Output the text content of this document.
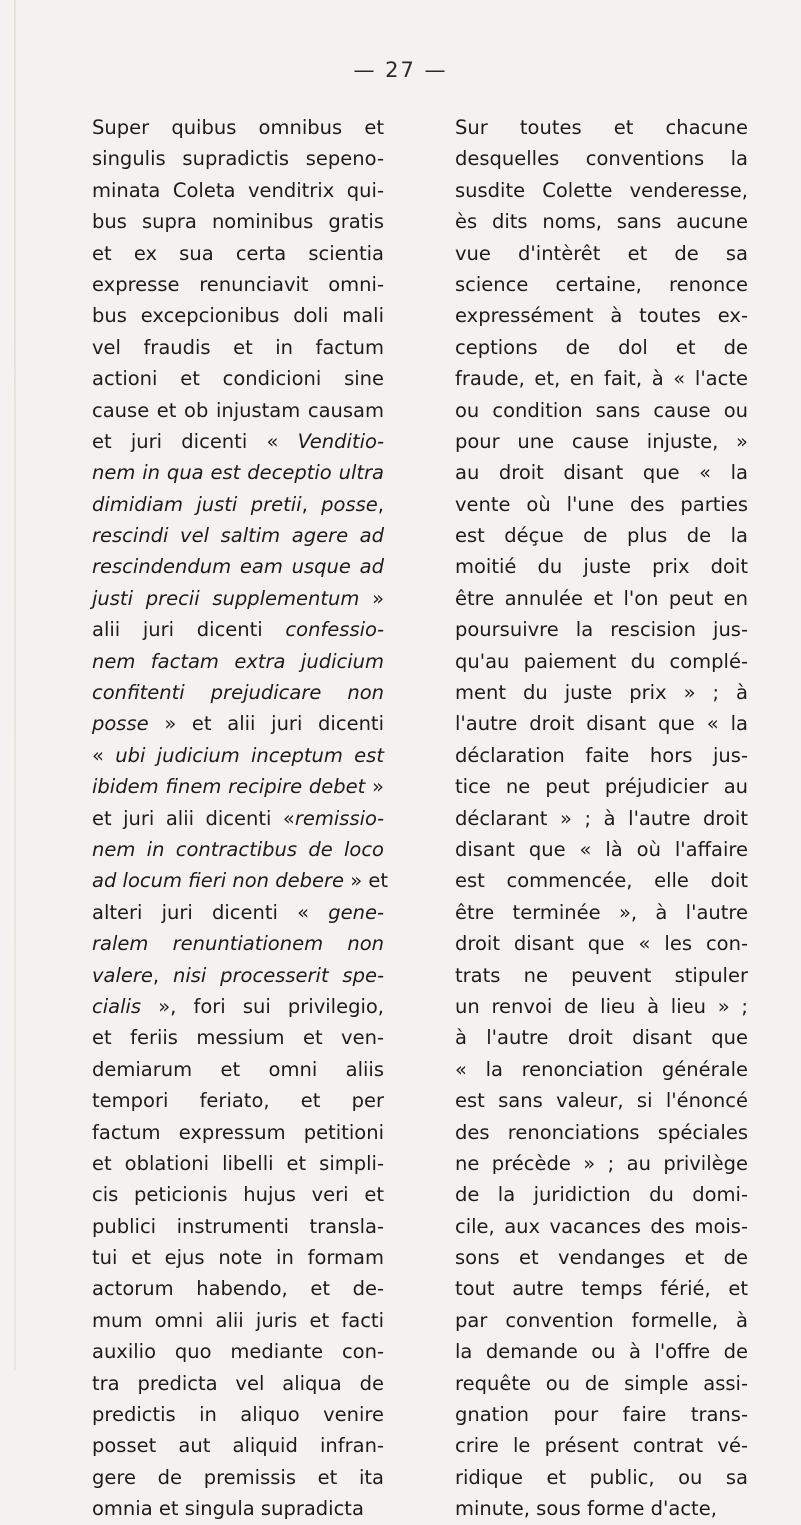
— 27 —
Super quibus omnibus et
singulis supradictis sepeno-
minata Coleta venditrix qui-
bus supra nominibus gratis
et ex sua certa scientia
expresse renunciavit omni-
bus excepcionibus doli mali
vel fraudis et in factum
actioni et condicioni sine
cause et ob injustam causam
et juri dicenti « Venditio-
nem in qua est deceptio ultra
dimidiam justi pretii, posse,
rescindi vel saltim agere ad
rescindendum eam usque ad
justi precii supplementum »
alii juri dicenti confessio-
nem factam extra judicium
confitenti prejudicare non
posse » et alii juri dicenti
« ubi judicium inceptum est
ibidem finem recipire debet »
et juri alii dicenti «remissio-
nem in contractibus de loco
ad locum fieri non debere » et
alteri juri dicenti « gene-
ralem renuntiationem non
valere, nisi processerit spe-
cialis », fori sui privilegio,
et feriis messium et ven-
demiarum et omni aliis
tempori feriato, et per
factum expressum petitioni
et oblationi libelli et simpli-
cis peticionis hujus veri et
publici instrumenti transla-
tui et ejus note in formam
actorum habendo, et de-
mum omni alii juris et facti
auxilio quo mediante con-
tra predicta vel aliqua de
predictis in aliquo venire
posset aut aliquid infran-
gere de premissis et ita
omnia et singula supradicta
Sur toutes et chacune
desquelles conventions la
susdite Colette venderesse,
ès dits noms, sans aucune
vue d'intèrêt et de sa
science certaine, renonce
expressément à toutes ex-
ceptions de dol et de
fraude, et, en fait, à « l'acte
ou condition sans cause ou
pour une cause injuste, »
au droit disant que « la
vente où l'une des parties
est déçue de plus de la
moitié du juste prix doit
être annulée et l'on peut en
poursuivre la rescision jus-
qu'au paiement du complé-
ment du juste prix » ; à
l'autre droit disant que « la
déclaration faite hors jus-
tice ne peut préjudicier au
déclarant » ; à l'autre droit
disant que « là où l'affaire
est commencée, elle doit
être terminée », à l'autre
droit disant que « les con-
trats ne peuvent stipuler
un renvoi de lieu à lieu » ;
à l'autre droit disant que
« la renonciation générale
est sans valeur, si l'énoncé
des renonciations spéciales
ne précède » ; au privilège
de la juridiction du domi-
cile, aux vacances des mois-
sons et vendanges et de
tout autre temps férié, et
par convention formelle, à
la demande ou à l'offre de
requête ou de simple assi-
gnation pour faire trans-
crire le présent contrat vé-
ridique et public, ou sa
minute, sous forme d'acte,
